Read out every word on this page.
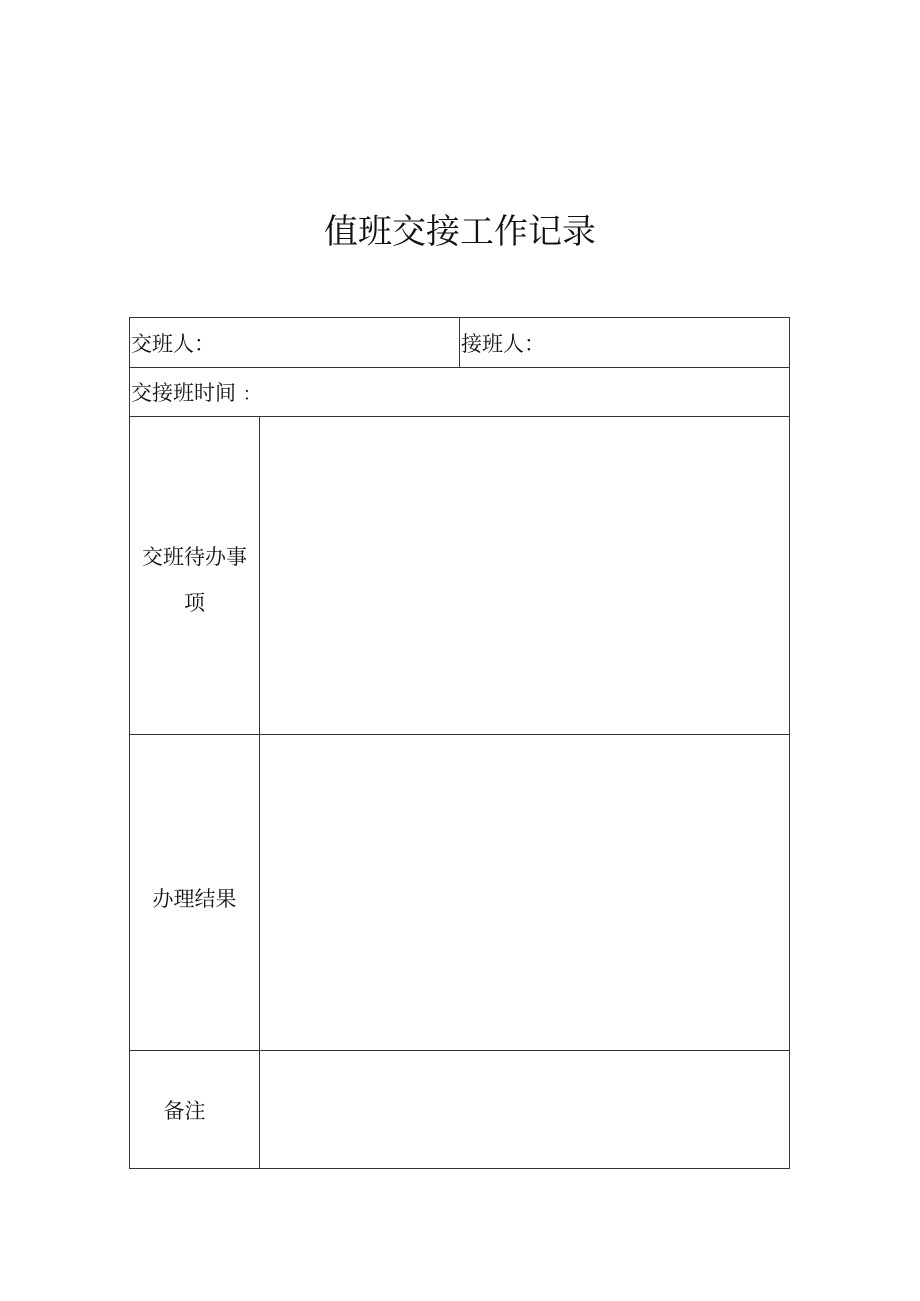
值班交接工作记录
交班人：	接班人：
交接班时间 ：
交班待办事
项
办理结果
备注
